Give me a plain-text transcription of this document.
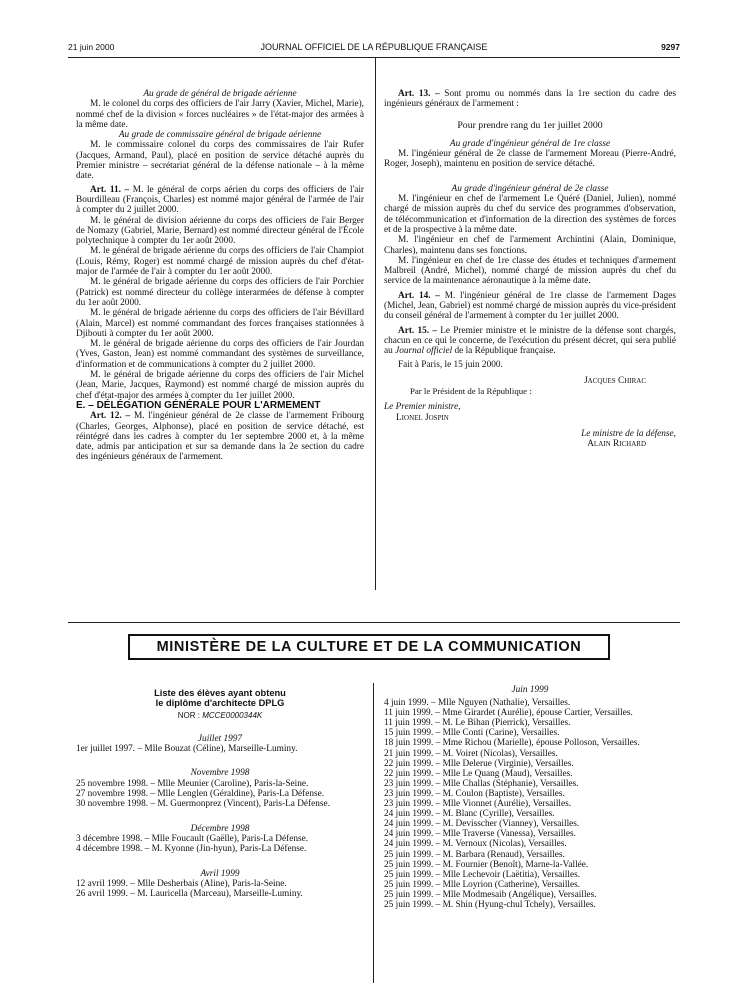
21 juin 2000	JOURNAL OFFICIEL DE LA RÉPUBLIQUE FRANÇAISE	9297

Au grade de général de brigade aérienne

M. le colonel du corps des officiers de l'air Jarry (Xavier, Michel, Marie), nommé chef de la division « forces nucléaires » de l'état-major des armées à la même date.

Au grade de commissaire général de brigade aérienne

M. le commissaire colonel du corps des commissaires de l'air Rufer (Jacques, Armand, Paul), placé en position de service détaché auprès du Premier ministre – secrétariat général de la défense nationale – à la même date.

Art. 11. – M. le général de corps aérien du corps des officiers de l'air Bourdilleau (François, Charles) est nommé major général de l'armée de l'air à compter du 2 juillet 2000.

M. le général de division aérienne du corps des officiers de l'air Berger de Nomazy (Gabriel, Marie, Bernard) est nommé directeur général de l'École polytechnique à compter du 1er août 2000.

M. le général de brigade aérienne du corps des officiers de l'air Champiot (Louis, Rémy, Roger) est nommé chargé de mission auprès du chef d'état-major de l'armée de l'air à compter du 1er août 2000.

M. le général de brigade aérienne du corps des officiers de l'air Porchier (Patrick) est nommé directeur du collège interarmées de défense à compter du 1er août 2000.

M. le général de brigade aérienne du corps des officiers de l'air Bévillard (Alain, Marcel) est nommé commandant des forces françaises stationnées à Djibouti à compter du 1er août 2000.

M. le général de brigade aérienne du corps des officiers de l'air Jourdan (Yves, Gaston, Jean) est nommé commandant des systèmes de surveillance, d'information et de communications à compter du 2 juillet 2000.

M. le général de brigade aérienne du corps des officiers de l'air Michel (Jean, Marie, Jacques, Raymond) est nommé chargé de mission auprès du chef d'état-major des armées à compter du 1er juillet 2000.

E. – DÉLÉGATION GÉNÉRALE POUR L'ARMEMENT

Art. 12. – M. l'ingénieur général de 2e classe de l'armement Fribourg (Charles, Georges, Alphonse), placé en position de service détaché, est réintégré dans les cadres à compter du 1er septembre 2000 et, à la même date, admis par anticipation et sur sa demande dans la 2e section du cadre des ingénieurs généraux de l'armement.

Art. 13. – Sont promu ou nommés dans la 1re section du cadre des ingénieurs généraux de l'armement :

Pour prendre rang du 1er juillet 2000

Au grade d'ingénieur général de 1re classe

M. l'ingénieur général de 2e classe de l'armement Moreau (Pierre-André, Roger, Joseph), maintenu en position de service détaché.

Au grade d'ingénieur général de 2e classe

M. l'ingénieur en chef de l'armement Le Quéré (Daniel, Julien), nommé chargé de mission auprès du chef du service des programmes d'observation, de télécommunication et d'information de la direction des systèmes de forces et de la prospective à la même date.

M. l'ingénieur en chef de l'armement Archintini (Alain, Dominique, Charles), maintenu dans ses fonctions.

M. l'ingénieur en chef de 1re classe des études et techniques d'armement Malbreil (André, Michel), nommé chargé de mission auprès du chef du service de la maintenance aéronautique à la même date.

Art. 14. – M. l'ingénieur général de 1re classe de l'armement Dages (Michel, Jean, Gabriel) est nommé chargé de mission auprès du vice-président du conseil général de l'armement à compter du 1er juillet 2000.

Art. 15. – Le Premier ministre et le ministre de la défense sont chargés, chacun en ce qui le concerne, de l'exécution du présent décret, qui sera publié au Journal officiel de la République française.

Fait à Paris, le 15 juin 2000.

Jacques Chirac

Par le Président de la République :

Le Premier ministre,

Lionel Jospin

Le ministre de la défense,

Alain Richard

MINISTÈRE DE LA CULTURE ET DE LA COMMUNICATION

Liste des élèves ayant obtenu

le diplôme d'architecte DPLG

NOR : MCCE0000344K

Juillet 1997

1er juillet 1997. – Mlle Bouzat (Céline), Marseille-Luminy.

Novembre 1998

25 novembre 1998. – Mlle Meunier (Caroline), Paris-la-Seine.

27 novembre 1998. – Mlle Lenglen (Géraldine), Paris-La Défense.

30 novembre 1998. – M. Guermonprez (Vincent), Paris-La Défense.

Décembre 1998

3 décembre 1998. – Mlle Foucault (Gaëlle), Paris-La Défense.

4 décembre 1998. – M. Kyonne (Jin-hyun), Paris-La Défense.

Avril 1999

12 avril 1999. – Mlle Desherbais (Aline), Paris-la-Seine.

26 avril 1999. – M. Lauricella (Marceau), Marseille-Luminy.

Juin 1999

4 juin 1999. – Mlle Nguyen (Nathalie), Versailles.

11 juin 1999. – Mme Girardet (Aurélie), épouse Cartier, Versailles.

11 juin 1999. – M. Le Bihan (Pierrick), Versailles.

15 juin 1999. – Mlle Conti (Carine), Versailles.

18 juin 1999. – Mme Richou (Marielle), épouse Polloson, Versailles.

21 juin 1999. – M. Voiret (Nicolas), Versailles.

22 juin 1999. – Mlle Delerue (Virginie), Versailles.

22 juin 1999. – Mlle Le Quang (Maud), Versailles.

23 juin 1999. – Mlle Challas (Stéphanie), Versailles.

23 juin 1999. – M. Coulon (Baptiste), Versailles.

23 juin 1999. – Mlle Vionnet (Aurélie), Versailles.

24 juin 1999. – M. Blanc (Cyrille), Versailles.

24 juin 1999. – M. Devisscher (Vianney), Versailles.

24 juin 1999. – Mlle Traverse (Vanessa), Versailles.

24 juin 1999. – M. Vernoux (Nicolas), Versailles.

25 juin 1999. – M. Barbara (Renaud), Versailles.

25 juin 1999. – M. Fournier (Benoît), Marne-la-Vallée.

25 juin 1999. – Mlle Lechevoir (Laëtitia), Versailles.

25 juin 1999. – Mlle Loyrion (Catherine), Versailles.

25 juin 1999. – Mlle Modmesaib (Angélique), Versailles.

25 juin 1999. – M. Shin (Hyung-chul Tchely), Versailles.
